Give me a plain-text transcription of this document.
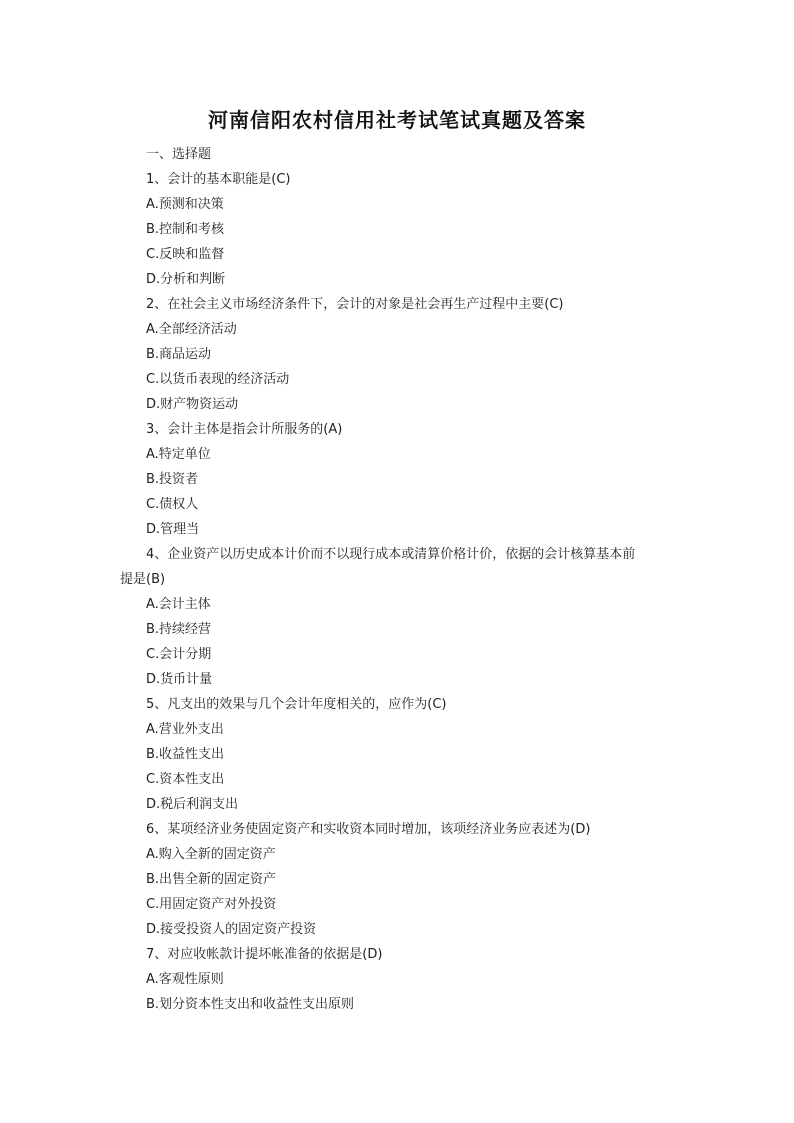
河南信阳农村信用社考试笔试真题及答案
一、选择题
1、会计的基本职能是(C)
A.预测和决策
B.控制和考核
C.反映和监督
D.分析和判断
2、在社会主义市场经济条件下，会计的对象是社会再生产过程中主要(C)
A.全部经济活动
B.商品运动
C.以货币表现的经济活动
D.财产物资运动
3、会计主体是指会计所服务的(A)
A.特定单位
B.投资者
C.债权人
D.管理当
4、企业资产以历史成本计价而不以现行成本或清算价格计价，依据的会计核算基本前
提是(B)
A.会计主体
B.持续经营
C.会计分期
D.货币计量
5、凡支出的效果与几个会计年度相关的，应作为(C)
A.营业外支出
B.收益性支出
C.资本性支出
D.税后利润支出
6、某项经济业务使固定资产和实收资本同时增加，该项经济业务应表述为(D)
A.购入全新的固定资产
B.出售全新的固定资产
C.用固定资产对外投资
D.接受投资人的固定资产投资
7、对应收帐款计提坏帐准备的依据是(D)
A.客观性原则
B.划分资本性支出和收益性支出原则
